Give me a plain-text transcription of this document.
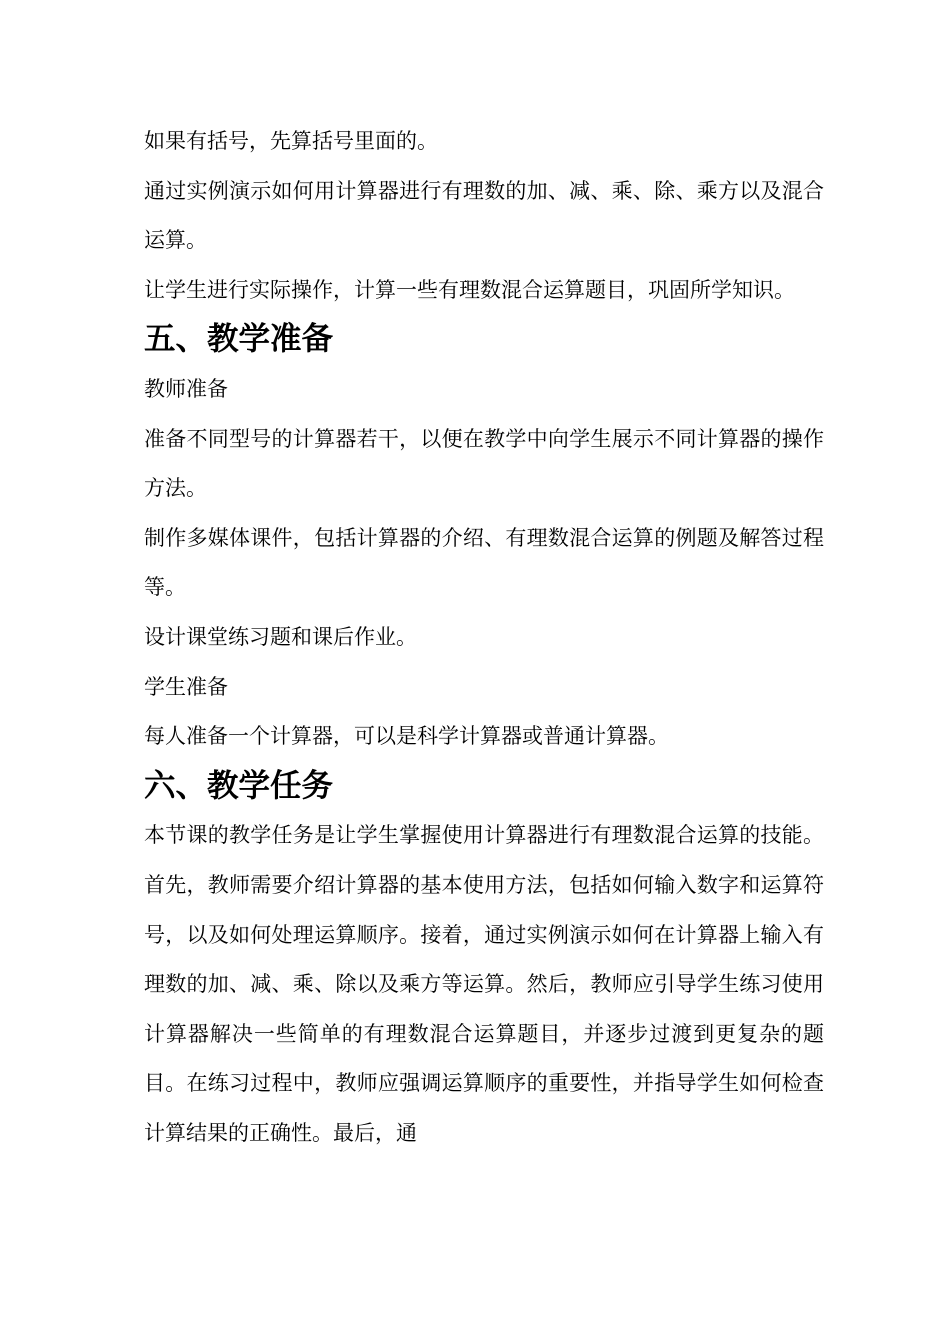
如果有括号，先算括号里面的。

通过实例演示如何用计算器进行有理数的加、减、乘、除、乘方以及混合运算。

让学生进行实际操作，计算一些有理数混合运算题目，巩固所学知识。

五、教学准备

教师准备

准备不同型号的计算器若干，以便在教学中向学生展示不同计算器的操作方法。

制作多媒体课件，包括计算器的介绍、有理数混合运算的例题及解答过程等。

设计课堂练习题和课后作业。

学生准备

每人准备一个计算器，可以是科学计算器或普通计算器。

六、教学任务

本节课的教学任务是让学生掌握使用计算器进行有理数混合运算的技能。首先，教师需要介绍计算器的基本使用方法，包括如何输入数字和运算符号，以及如何处理运算顺序。接着，通过实例演示如何在计算器上输入有理数的加、减、乘、除以及乘方等运算。然后，教师应引导学生练习使用计算器解决一些简单的有理数混合运算题目，并逐步过渡到更复杂的题目。在练习过程中，教师应强调运算顺序的重要性，并指导学生如何检查计算结果的正确性。最后，通
